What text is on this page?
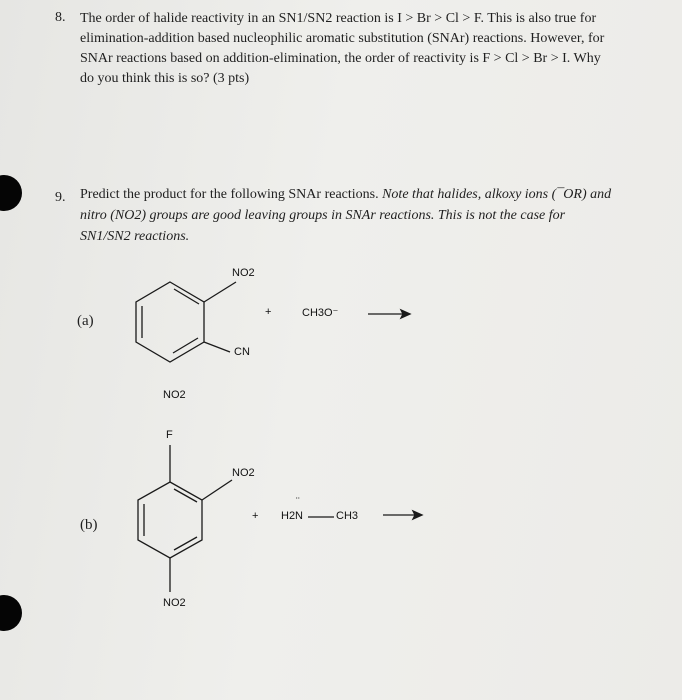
8. The order of halide reactivity in an SN1/SN2 reaction is I > Br > Cl > F. This is also true for
elimination-addition based nucleophilic aromatic substitution (SNAr) reactions. However, for
SNAr reactions based on addition-elimination, the order of reactivity is F > Cl > Br > I. Why
do you think this is so? (3 pts)
9. Predict the product for the following SNAr reactions. Note that halides, alkoxy ions (¯OR) and
nitro (NO2) groups are good leaving groups in SNAr reactions. This is not the case for
SN1/SN2 reactions.
(a)
NO2
CN
NO2
+	CH3O⁻
(b)
F
NO2
NO2
+
¨
H2N	CH3
